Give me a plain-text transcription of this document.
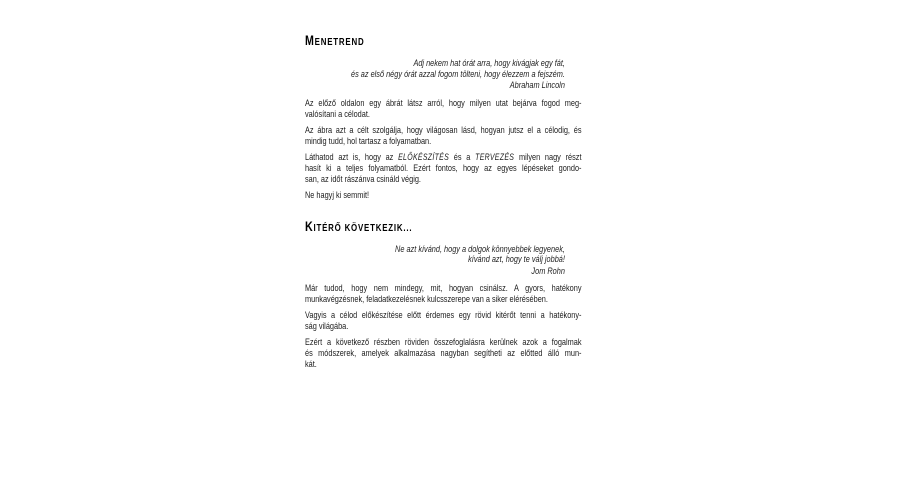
MENETREND
Adj nekem hat órát arra, hogy kivágjak egy fát,
és az első négy órát azzal fogom tölteni, hogy élezzem a fejszém.
Abraham Lincoln
Az előző oldalon egy ábrát látsz arról, hogy milyen utat bejárva fogod meg-
valósítani a célodat.
Az ábra azt a célt szolgálja, hogy világosan lásd, hogyan jutsz el a célodig, és
mindig tudd, hol tartasz a folyamatban.
Láthatod azt is, hogy az ELŐKÉSZÍTÉS és a TERVEZÉS milyen nagy részt
hasít ki a teljes folyamatból. Ezért fontos, hogy az egyes lépéseket gondo-
san, az időt rászánva csináld végig.
Ne hagyj ki semmit!
KITÉRŐ KÖVETKEZIK...
Ne azt kívánd, hogy a dolgok könnyebbek legyenek,
kívánd azt, hogy te válj jobbá!
Jom Rohn
Már tudod, hogy nem mindegy, mit, hogyan csinálsz. A gyors, hatékony
munkavégzésnek, feladatkezelésnek kulcsszerepe van a siker elérésében.
Vagyis a célod előkészítése előtt érdemes egy rövid kitérőt tenni a hatékony-
ság világába.
Ezért a következő részben röviden összefoglalásra kerülnek azok a fogalmak
és módszerek, amelyek alkalmazása nagyban segítheti az előtted álló mun-
kát.
